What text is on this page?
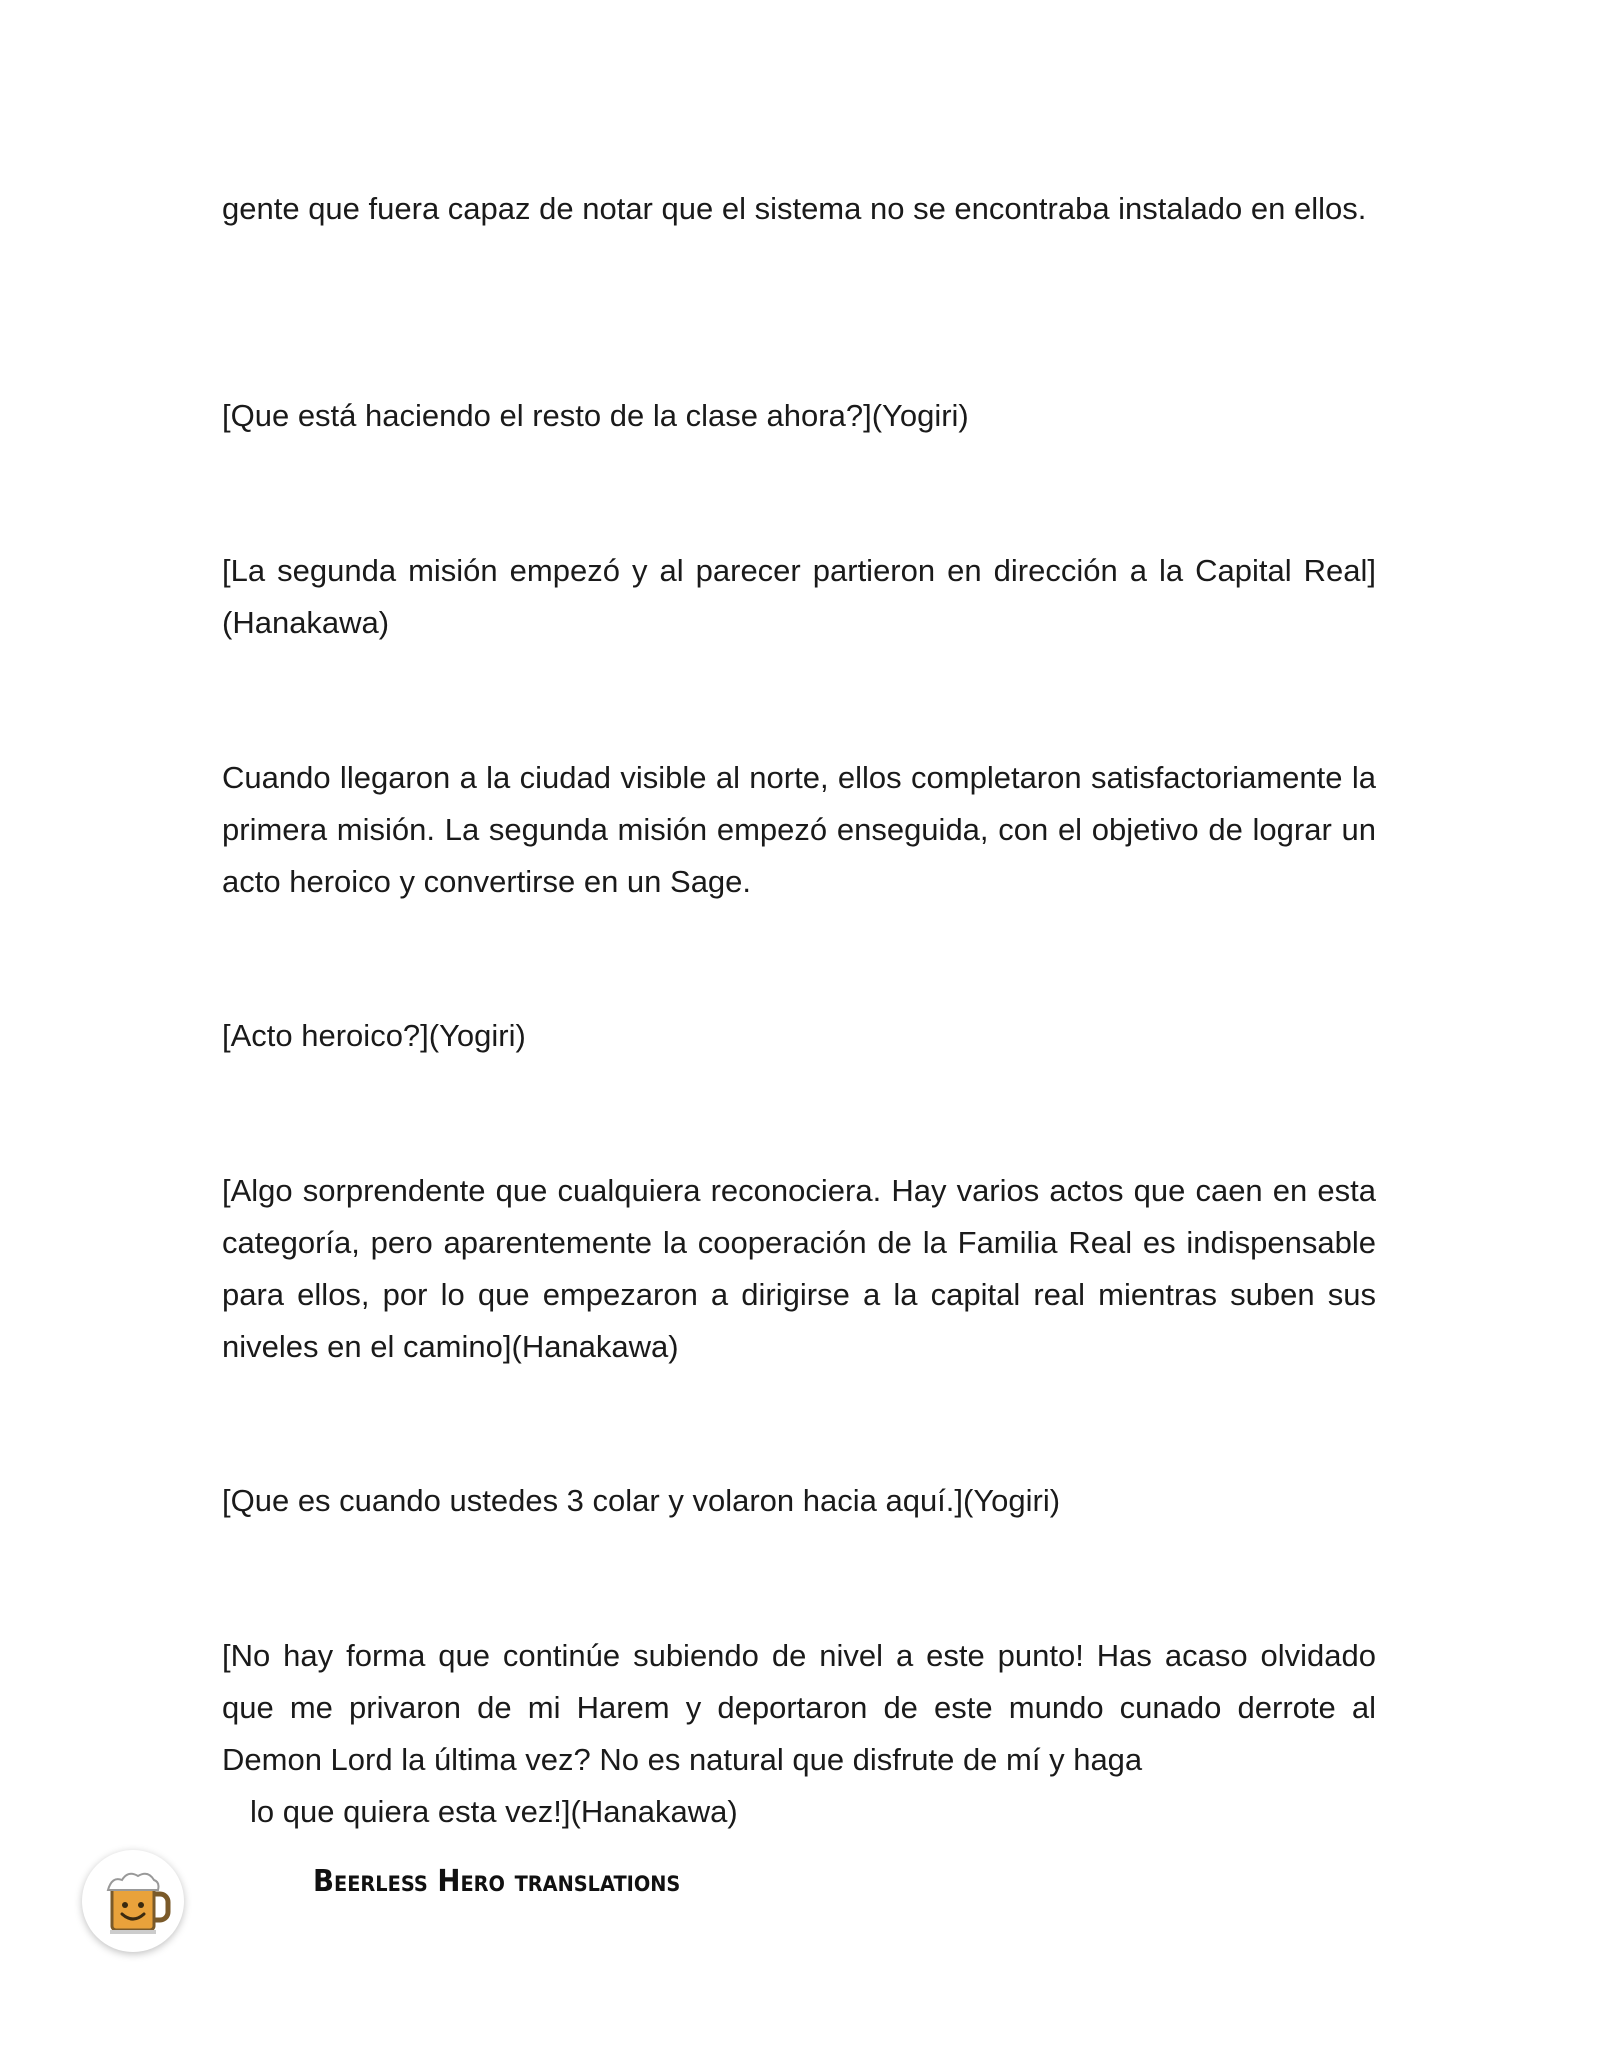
gente que fuera capaz de notar que el sistema no se encontraba instalado en ellos.

[Que está haciendo el resto de la clase ahora?](Yogiri)

[La segunda misión empezó y al parecer partieron en dirección a la Capital Real](Hanakawa)

Cuando llegaron a la ciudad visible al norte, ellos completaron satisfactoriamente la primera misión. La segunda misión empezó enseguida, con el objetivo de lograr un acto heroico y convertirse en un Sage.

[Acto heroico?](Yogiri)

[Algo sorprendente que cualquiera reconociera. Hay varios actos que caen en esta categoría, pero aparentemente la cooperación de la Familia Real es indispensable para ellos, por lo que empezaron a dirigirse a la capital real mientras suben sus niveles en el camino](Hanakawa)

[Que es cuando ustedes 3 colar y volaron hacia aquí.](Yogiri)

[No hay forma que continúe subiendo de nivel a este punto! Has acaso olvidado que me privaron de mi Harem y deportaron de este mundo cunado derrote al Demon Lord la última vez? No es natural que disfrute de mí y haga
lo que quiera esta vez!](Hanakawa)
Beerless Hero translations
